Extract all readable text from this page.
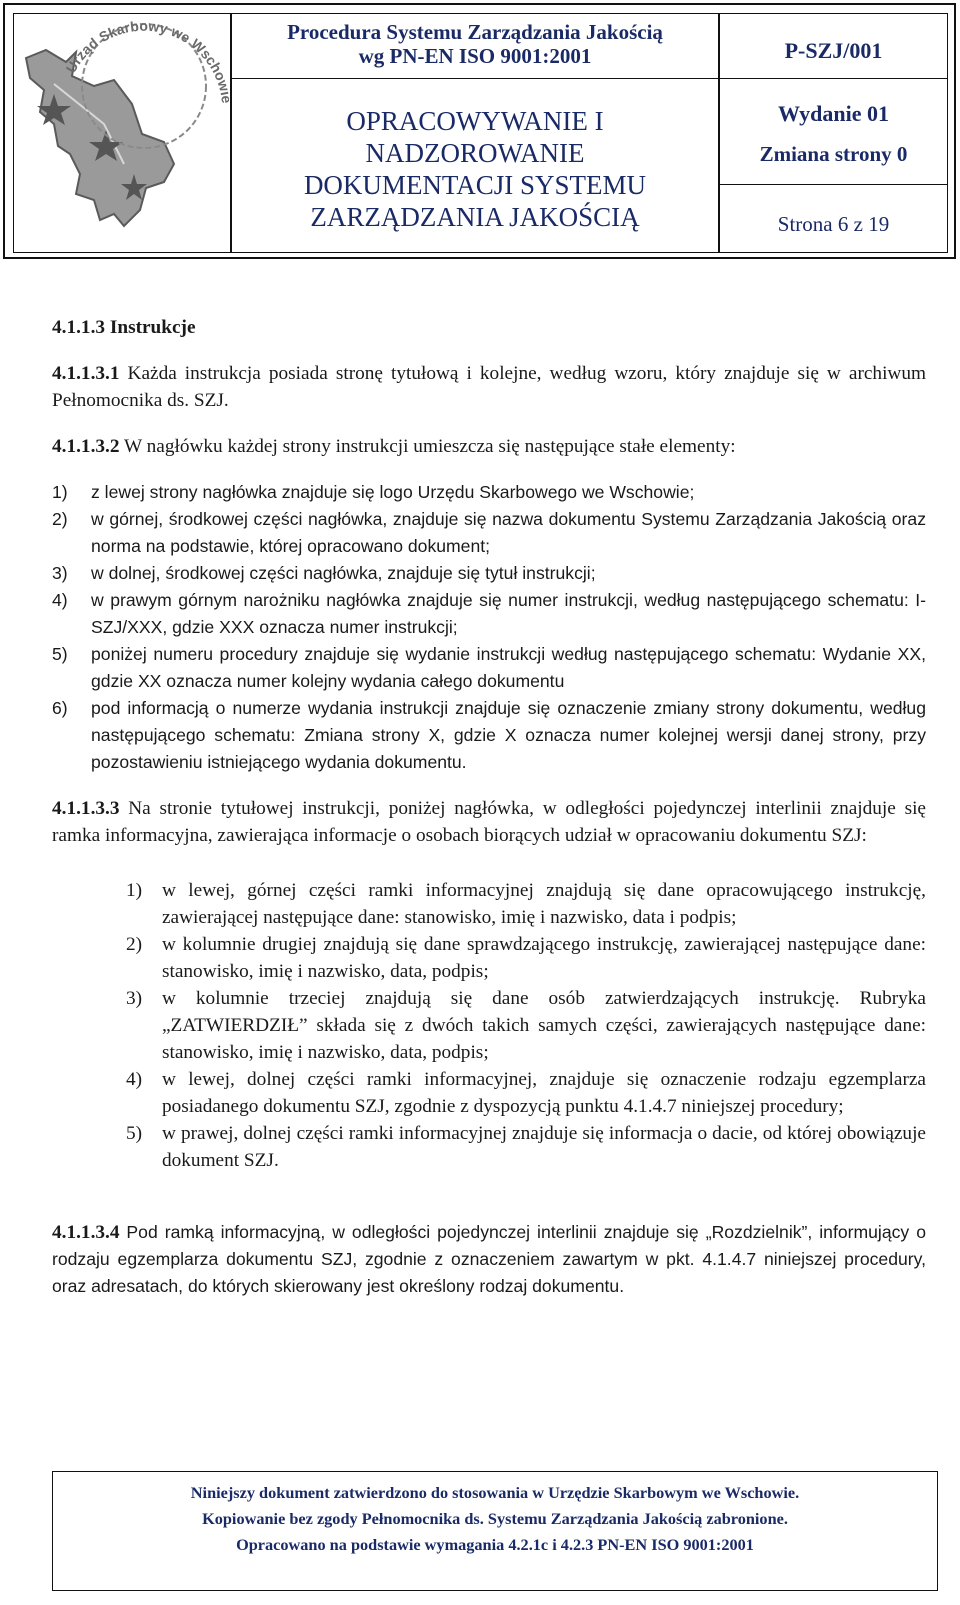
Urząd Skarbowy we Wscho
Procedura Systemu Zarządzania Jakością
wg PN-EN ISO 9001:2001
OPRACOWYWANIE I
NADZOROWANIE
DOKUMENTACJI SYSTEMU
ZARZĄDZANIA JAKOŚCIĄ
P-SZJ/001
Wydanie 01
Zmiana strony 0
Strona 6 z 19

4.1.1.3 Instrukcje

4.1.1.3.1 Każda instrukcja posiada stronę tytułową i kolejne, według wzoru, który znajduje się w archiwum Pełnomocnika ds. SZJ.

4.1.1.3.2 W nagłówku każdej strony instrukcji umieszcza się następujące stałe elementy:

1) z lewej strony nagłówka znajduje się logo Urzędu Skarbowego we Wschowie;
2) w górnej, środkowej części nagłówka, znajduje się nazwa dokumentu Systemu Zarządzania Jakością oraz norma na podstawie, której opracowano dokument;
3) w dolnej, środkowej części nagłówka, znajduje się tytuł instrukcji;
4) w prawym górnym narożniku nagłówka znajduje się numer instrukcji, według następującego schematu: I-SZJ/XXX, gdzie XXX oznacza numer instrukcji;
5) poniżej numeru procedury znajduje się wydanie instrukcji według następującego schematu: Wydanie XX, gdzie XX oznacza numer kolejny wydania całego dokumentu
6) pod informacją o numerze wydania instrukcji znajduje się oznaczenie zmiany strony dokumentu, według następującego schematu: Zmiana strony X, gdzie X oznacza numer kolejnej wersji danej strony, przy pozostawieniu istniejącego wydania dokumentu.

4.1.1.3.3 Na stronie tytułowej instrukcji, poniżej nagłówka, w odległości pojedynczej interlinii znajduje się ramka informacyjna, zawierająca informacje o osobach biorących udział w opracowaniu dokumentu SZJ:

1) w lewej, górnej części ramki informacyjnej znajdują się dane opracowującego instrukcję, zawierającej następujące dane: stanowisko, imię i nazwisko, data i podpis;
2) w kolumnie drugiej znajdują się dane sprawdzającego instrukcję, zawierającej następujące dane: stanowisko, imię i nazwisko, data, podpis;
3) w kolumnie trzeciej znajdują się dane osób zatwierdzających instrukcję. Rubryka „ZATWIERDZIŁ” składa się z dwóch takich samych części, zawierających następujące dane: stanowisko, imię i nazwisko, data, podpis;
4) w lewej, dolnej części ramki informacyjnej, znajduje się oznaczenie rodzaju egzemplarza posiadanego dokumentu SZJ, zgodnie z dyspozycją punktu 4.1.4.7 niniejszej procedury;
5) w prawej, dolnej części ramki informacyjnej znajduje się informacja o dacie, od której obowiązuje dokument SZJ.

4.1.1.3.4 Pod ramką informacyjną, w odległości pojedynczej interlinii znajduje się „Rozdzielnik”, informujący o rodzaju egzemplarza dokumentu SZJ, zgodnie z oznaczeniem zawartym w pkt. 4.1.4.7 niniejszej procedury, oraz adresatach, do których skierowany jest określony rodzaj dokumentu.

Niniejszy dokument zatwierdzono do stosowania w Urzędzie Skarbowym we Wschowie.
Kopiowanie bez zgody Pełnomocnika ds. Systemu Zarządzania Jakością zabronione.
Opracowano na podstawie wymagania 4.2.1c i 4.2.3 PN-EN ISO 9001:2001
